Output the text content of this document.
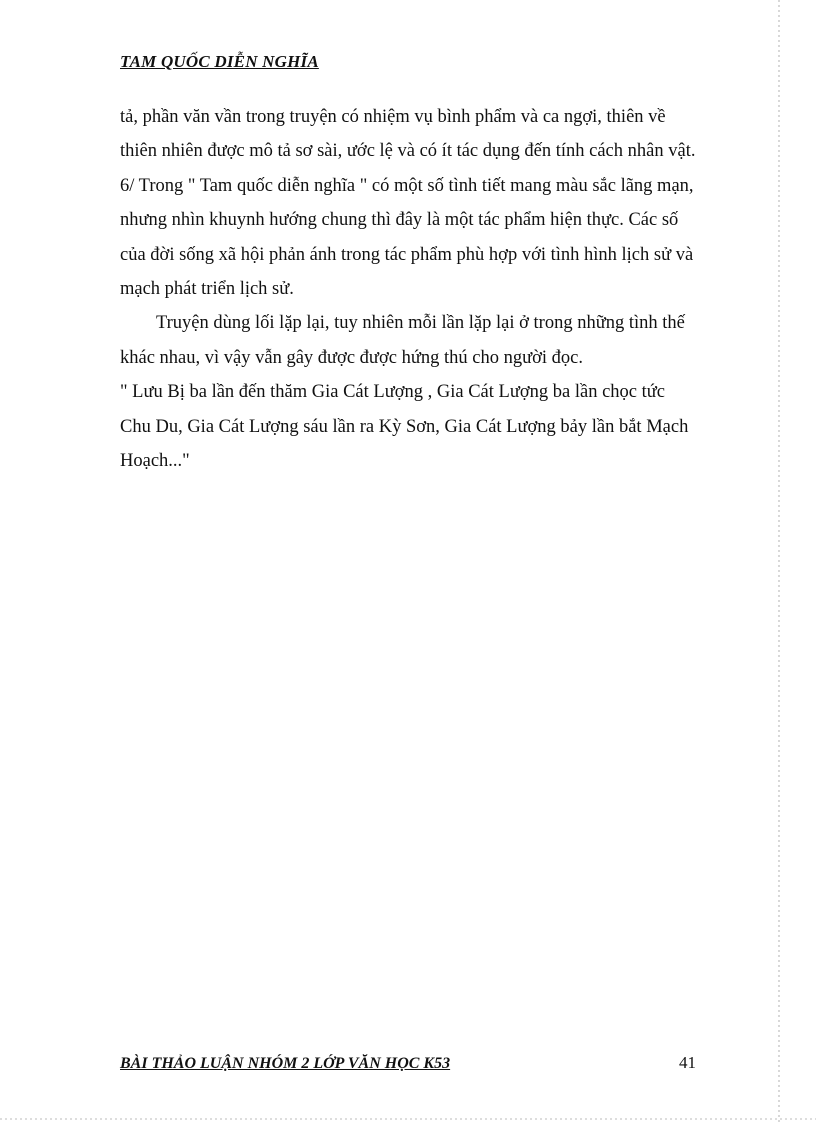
TAM QUỐC DIỄN NGHĨA

tả, phần văn vần trong truyện có nhiệm vụ bình phẩm và ca ngợi, thiên về thiên nhiên được mô tả sơ sài, ước lệ và có ít tác dụng đến tính cách nhân vật.

6/ Trong " Tam quốc diễn nghĩa " có một số tình tiết mang màu sắc lãng mạn, nhưng nhìn khuynh hướng chung thì đây là một tác phẩm hiện thực. Các số của đời sống xã hội phản ánh trong tác phẩm phù hợp với tình hình lịch sử và mạch phát triển lịch sử.

Truyện dùng lối lặp lại, tuy nhiên mỗi lần lặp lại ở trong những tình thế khác nhau, vì vậy vẫn gây được được hứng thú cho người đọc.

" Lưu Bị ba lần đến thăm Gia Cát Lượng , Gia Cát Lượng ba lần chọc tức Chu Du, Gia Cát Lượng sáu lần ra Kỳ Sơn, Gia Cát Lượng bảy lần bắt Mạch Hoạch..."

BÀI THẢO LUẬN NHÓM 2 LỚP VĂN HỌC K53	41
